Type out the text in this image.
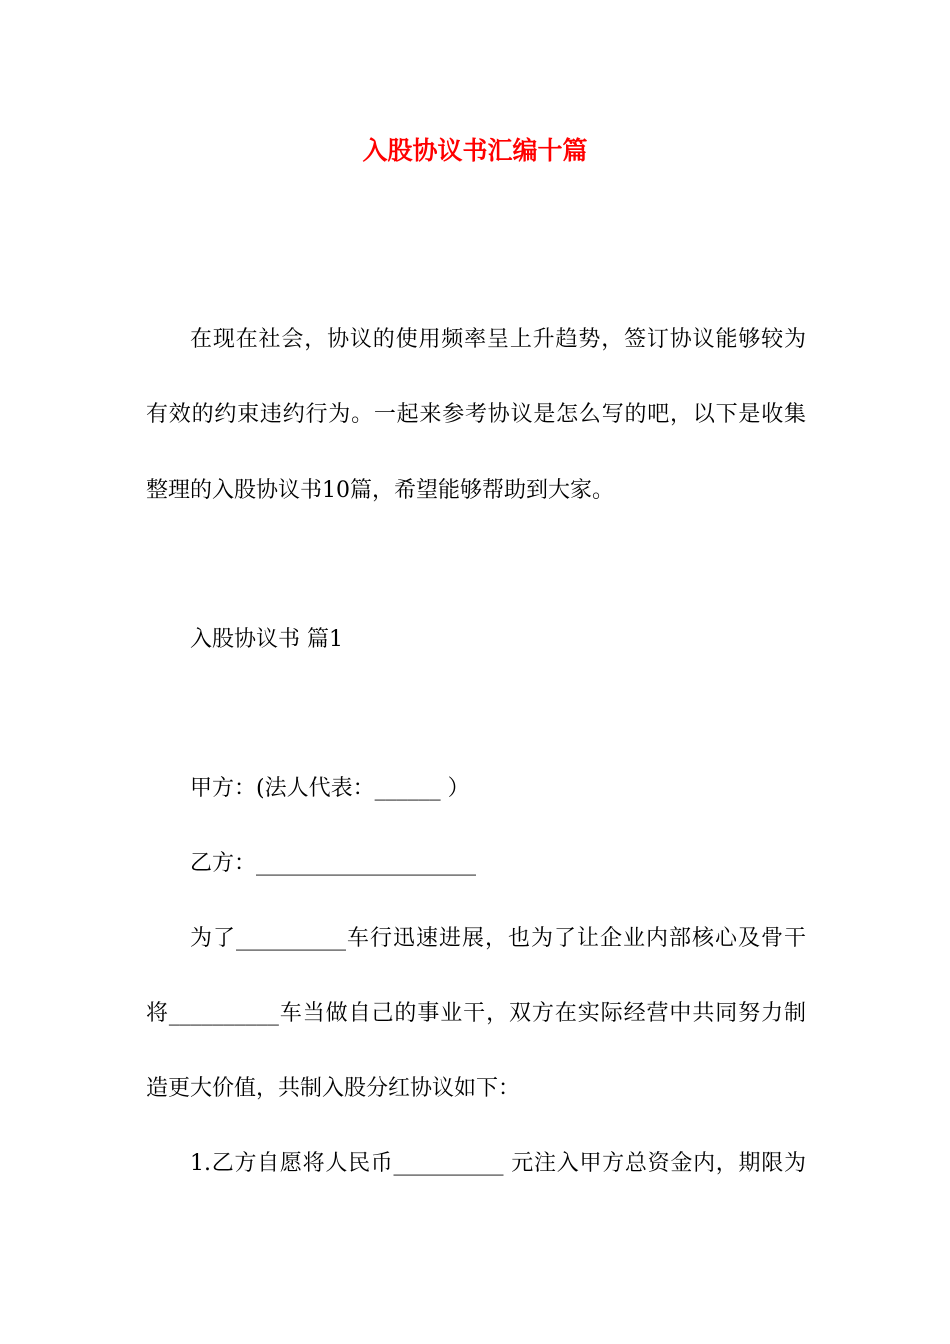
入股协议书汇编十篇
在现在社会，协议的使用频率呈上升趋势，签订协议能够较为
有效的约束违约行为。一起来参考协议是怎么写的吧，以下是收集
整理的入股协议书10篇，希望能够帮助到大家。
入股协议书 篇1
甲方：(法人代表：______ ）
乙方：____________________
为了__________车行迅速进展，也为了让企业内部核心及骨干
将__________车当做自己的事业干，双方在实际经营中共同努力制
造更大价值，共制入股分红协议如下：
1.乙方自愿将人民币__________ 元注入甲方总资金内，期限为
